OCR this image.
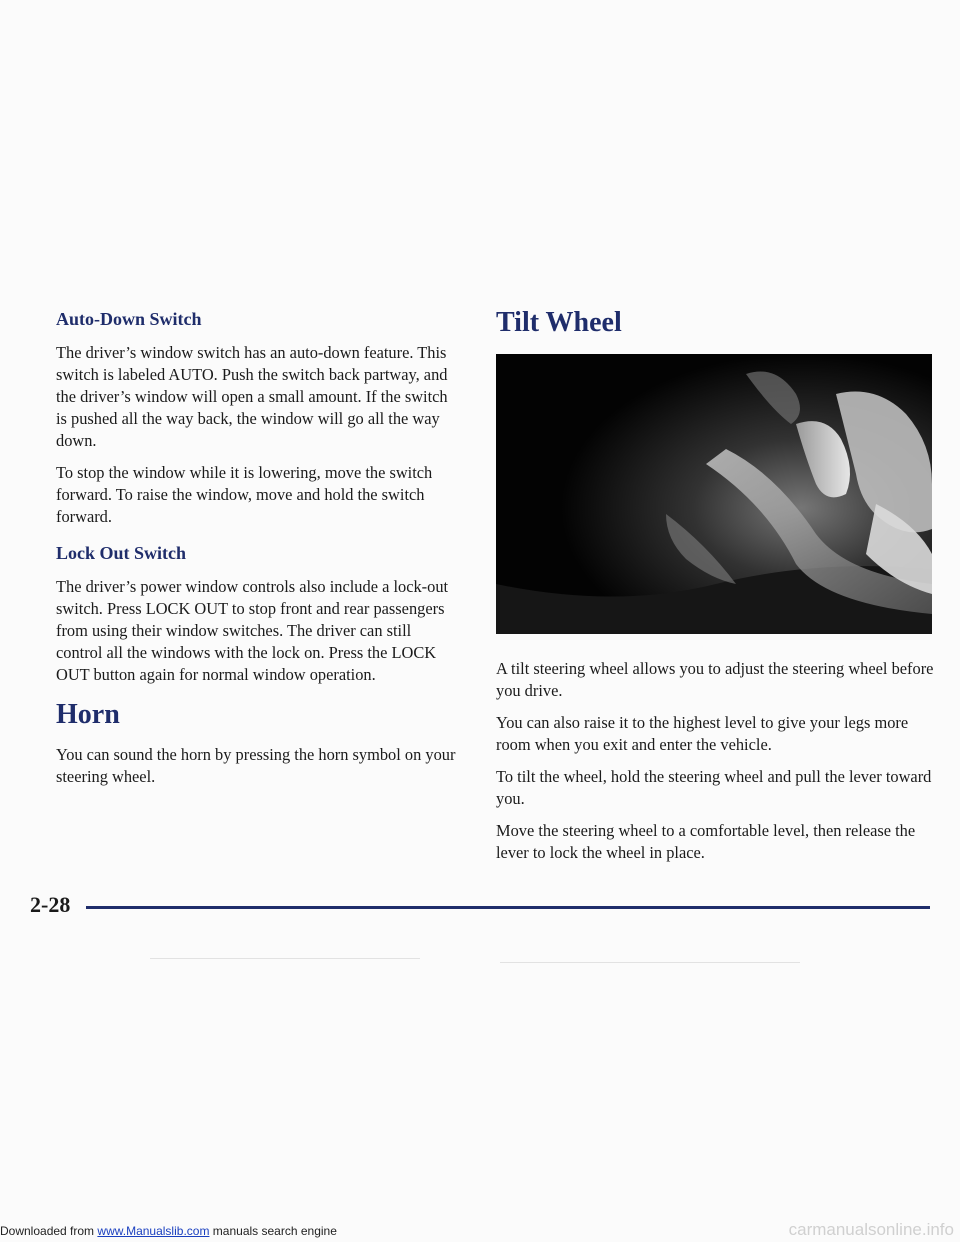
Auto-Down Switch

The driver’s window switch has an auto-down feature. This switch is labeled AUTO. Push the switch back partway, and the driver’s window will open a small amount. If the switch is pushed all the way back, the window will go all the way down.

To stop the window while it is lowering, move the switch forward. To raise the window, move and hold the switch forward.

Lock Out Switch

The driver’s power window controls also include a lock-out switch. Press LOCK OUT to stop front and rear passengers from using their window switches. The driver can still control all the windows with the lock on. Press the LOCK OUT button again for normal window operation.

Horn

You can sound the horn by pressing the horn symbol on your steering wheel.

Tilt Wheel

A tilt steering wheel allows you to adjust the steering wheel before you drive.

You can also raise it to the highest level to give your legs more room when you exit and enter the vehicle.

To tilt the wheel, hold the steering wheel and pull the lever toward you.

Move the steering wheel to a comfortable level, then release the lever to lock the wheel in place.

2-28
Downloaded from www.Manualslib.com manuals search engine	carmanualsonline.info
